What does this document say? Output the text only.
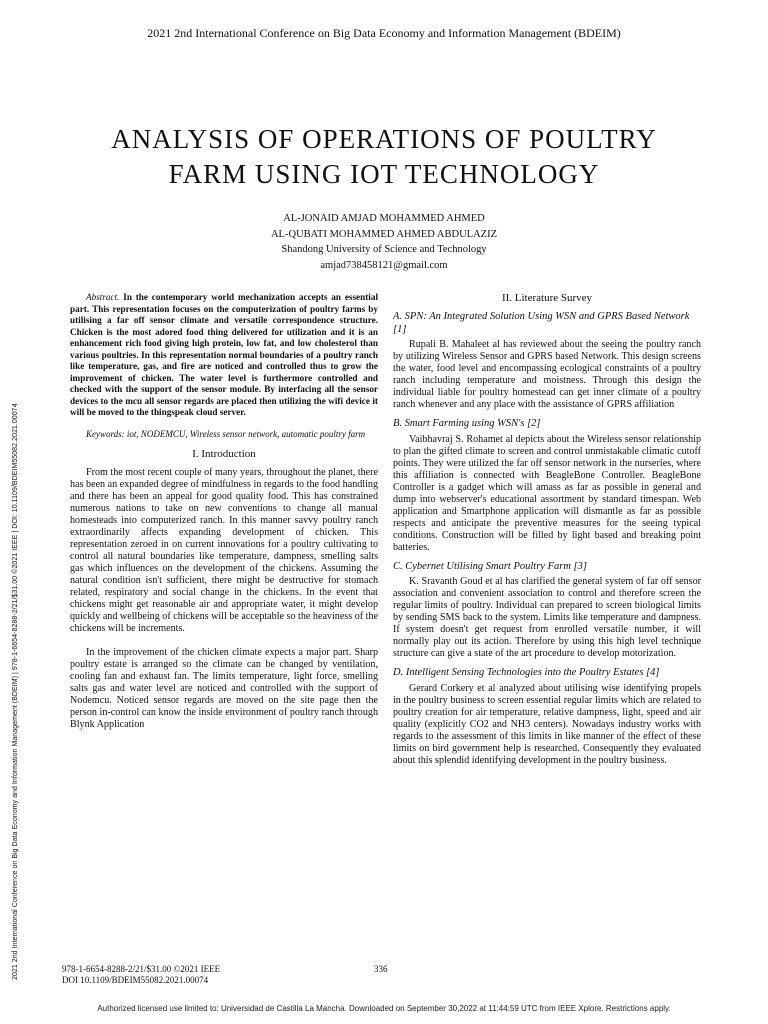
2021 2nd International Conference on Big Data Economy and Information Management (BDEIM)
2021 2nd International Conference on Big Data Economy and Information Management (BDEIM) | 978-1-6654-8288-2/21/$31.00 ©2021 IEEE | DOI: 10.1109/BDEIM55082.2021.00074
ANALYSIS OF OPERATIONS OF POULTRY
FARM USING IOT TECHNOLOGY
AL-JONAID AMJAD MOHAMMED AHMED
AL-QUBATI MOHAMMED AHMED ABDULAZIZ
Shandong University of Science and Technology
amjad738458121@gmail.com

Abstract. In the contemporary world mechanization accepts an essential part. This representation focuses on the computerization of poultry farms by utilising a far off sensor climate and versatile correspondence structure. Chicken is the most adored food thing delivered for utilization and it is an enhancement rich food giving high protein, low fat, and low cholesterol than various poultries. In this representation normal boundaries of a poultry ranch like temperature, gas, and fire are noticed and controlled thus to grow the improvement of chicken. The water level is furthermore controlled and checked with the support of the sensor module. By interfacing all the sensor devices to the mcu all sensor regards are placed then utilizing the wifi device it will be moved to the thingspeak cloud server.

Keywords: iot, NODEMCU, Wireless sensor network, automatic poultry farm

I. Introduction

From the most recent couple of many years, throughout the planet, there has been an expanded degree of mindfulness in regards to the food handling and there has been an appeal for good quality food. This has constrained numerous nations to take on new conventions to change all manual homesteads into computerized ranch. In this manner savvy poultry ranch extraordinarily affects expanding development of chicken. This representation zeroed in on current innovations for a poultry cultivating to control all natural boundaries like temperature, dampness, smelling salts gas which influences on the development of the chickens. Assuming the natural condition isn't sufficient, there might be destructive for stomach related, respiratory and social change in the chickens. In the event that chickens might get reasonable air and appropriate water, it might develop quickly and wellbeing of chickens will be acceptable so the heaviness of the chickens will be increments.

In the improvement of the chicken climate expects a major part. Sharp poultry estate is arranged so the climate can be changed by ventilation, cooling fan and exhaust fan. The limits temperature, light force, smelling salts gas and water level are noticed and controlled with the support of Nodemcu. Noticed sensor regards are moved on the site page then the person in-control can know the inside environment of poultry ranch through Blynk Application

II. Literature Survey
A. SPN: An Integrated Solution Using WSN and GPRS Based Network [1]

Rupali B. Mahaleet al has reviewed about the seeing the poultry ranch by utilizing Wireless Sensor and GPRS based Network. This design screens the water, food level and encompassing ecological constraints of a poultry ranch including temperature and moistness. Through this design the individual liable for poultry homestead can get inner climate of a poultry ranch whenever and any place with the assistance of GPRS affiliation

B. Smart Farming using WSN's [2]

Vaibhavraj S. Rohamet al depicts about the Wireless sensor relationship to plan the gifted climate to screen and control unmistakable climatic cutoff points. They were utilized the far off sensor network in the nurseries, where this affiliation is connected with BeagleBone Controller. BeagleBone Controller is a gadget which will amass as far as possible in general and dump into webserver's educational assortment by standard timespan. Web application and Smartphone application will dismantle as far as possible respects and anticipate the preventive measures for the seeing typical conditions. Construction will be filled by light based and breaking point batteries.

C. Cybernet Utilising Smart Poultry Farm [3]

K. Sravanth Goud et al has clarified the general system of far off sensor association and convenient association to control and therefore screen the regular limits of poultry. Individual can prepared to screen biological limits by sending SMS back to the system. Limits like temperature and dampness. If system doesn't get request from enrolled versatile number, it will normally play out its action. Therefore by using this high level technique structure can give a state of the art procedure to develop motorization.

D. Intelligent Sensing Technologies into the Poultry Estates [4]

Gerard Corkery et al analyzed about utilising wise identifying propels in the poultry business to screen essential regular limits which are related to poultry creation for air temperature, relative dampness, light, speed and air quality (explicitly CO2 and NH3 centers). Nowadays industry works with regards to the assessment of this limits in like manner of the effect of these limits on bird government help is researched. Consequently they evaluated about this splendid identifying development in the poultry business.

978-1-6654-8288-2/21/$31.00 ©2021 IEEE
DOI 10.1109/BDEIM55082.2021.00074
336
Authorized licensed use limited to: Universidad de Castilla La Mancha. Downloaded on September 30,2022 at 11:44:59 UTC from IEEE Xplore. Restrictions apply.
